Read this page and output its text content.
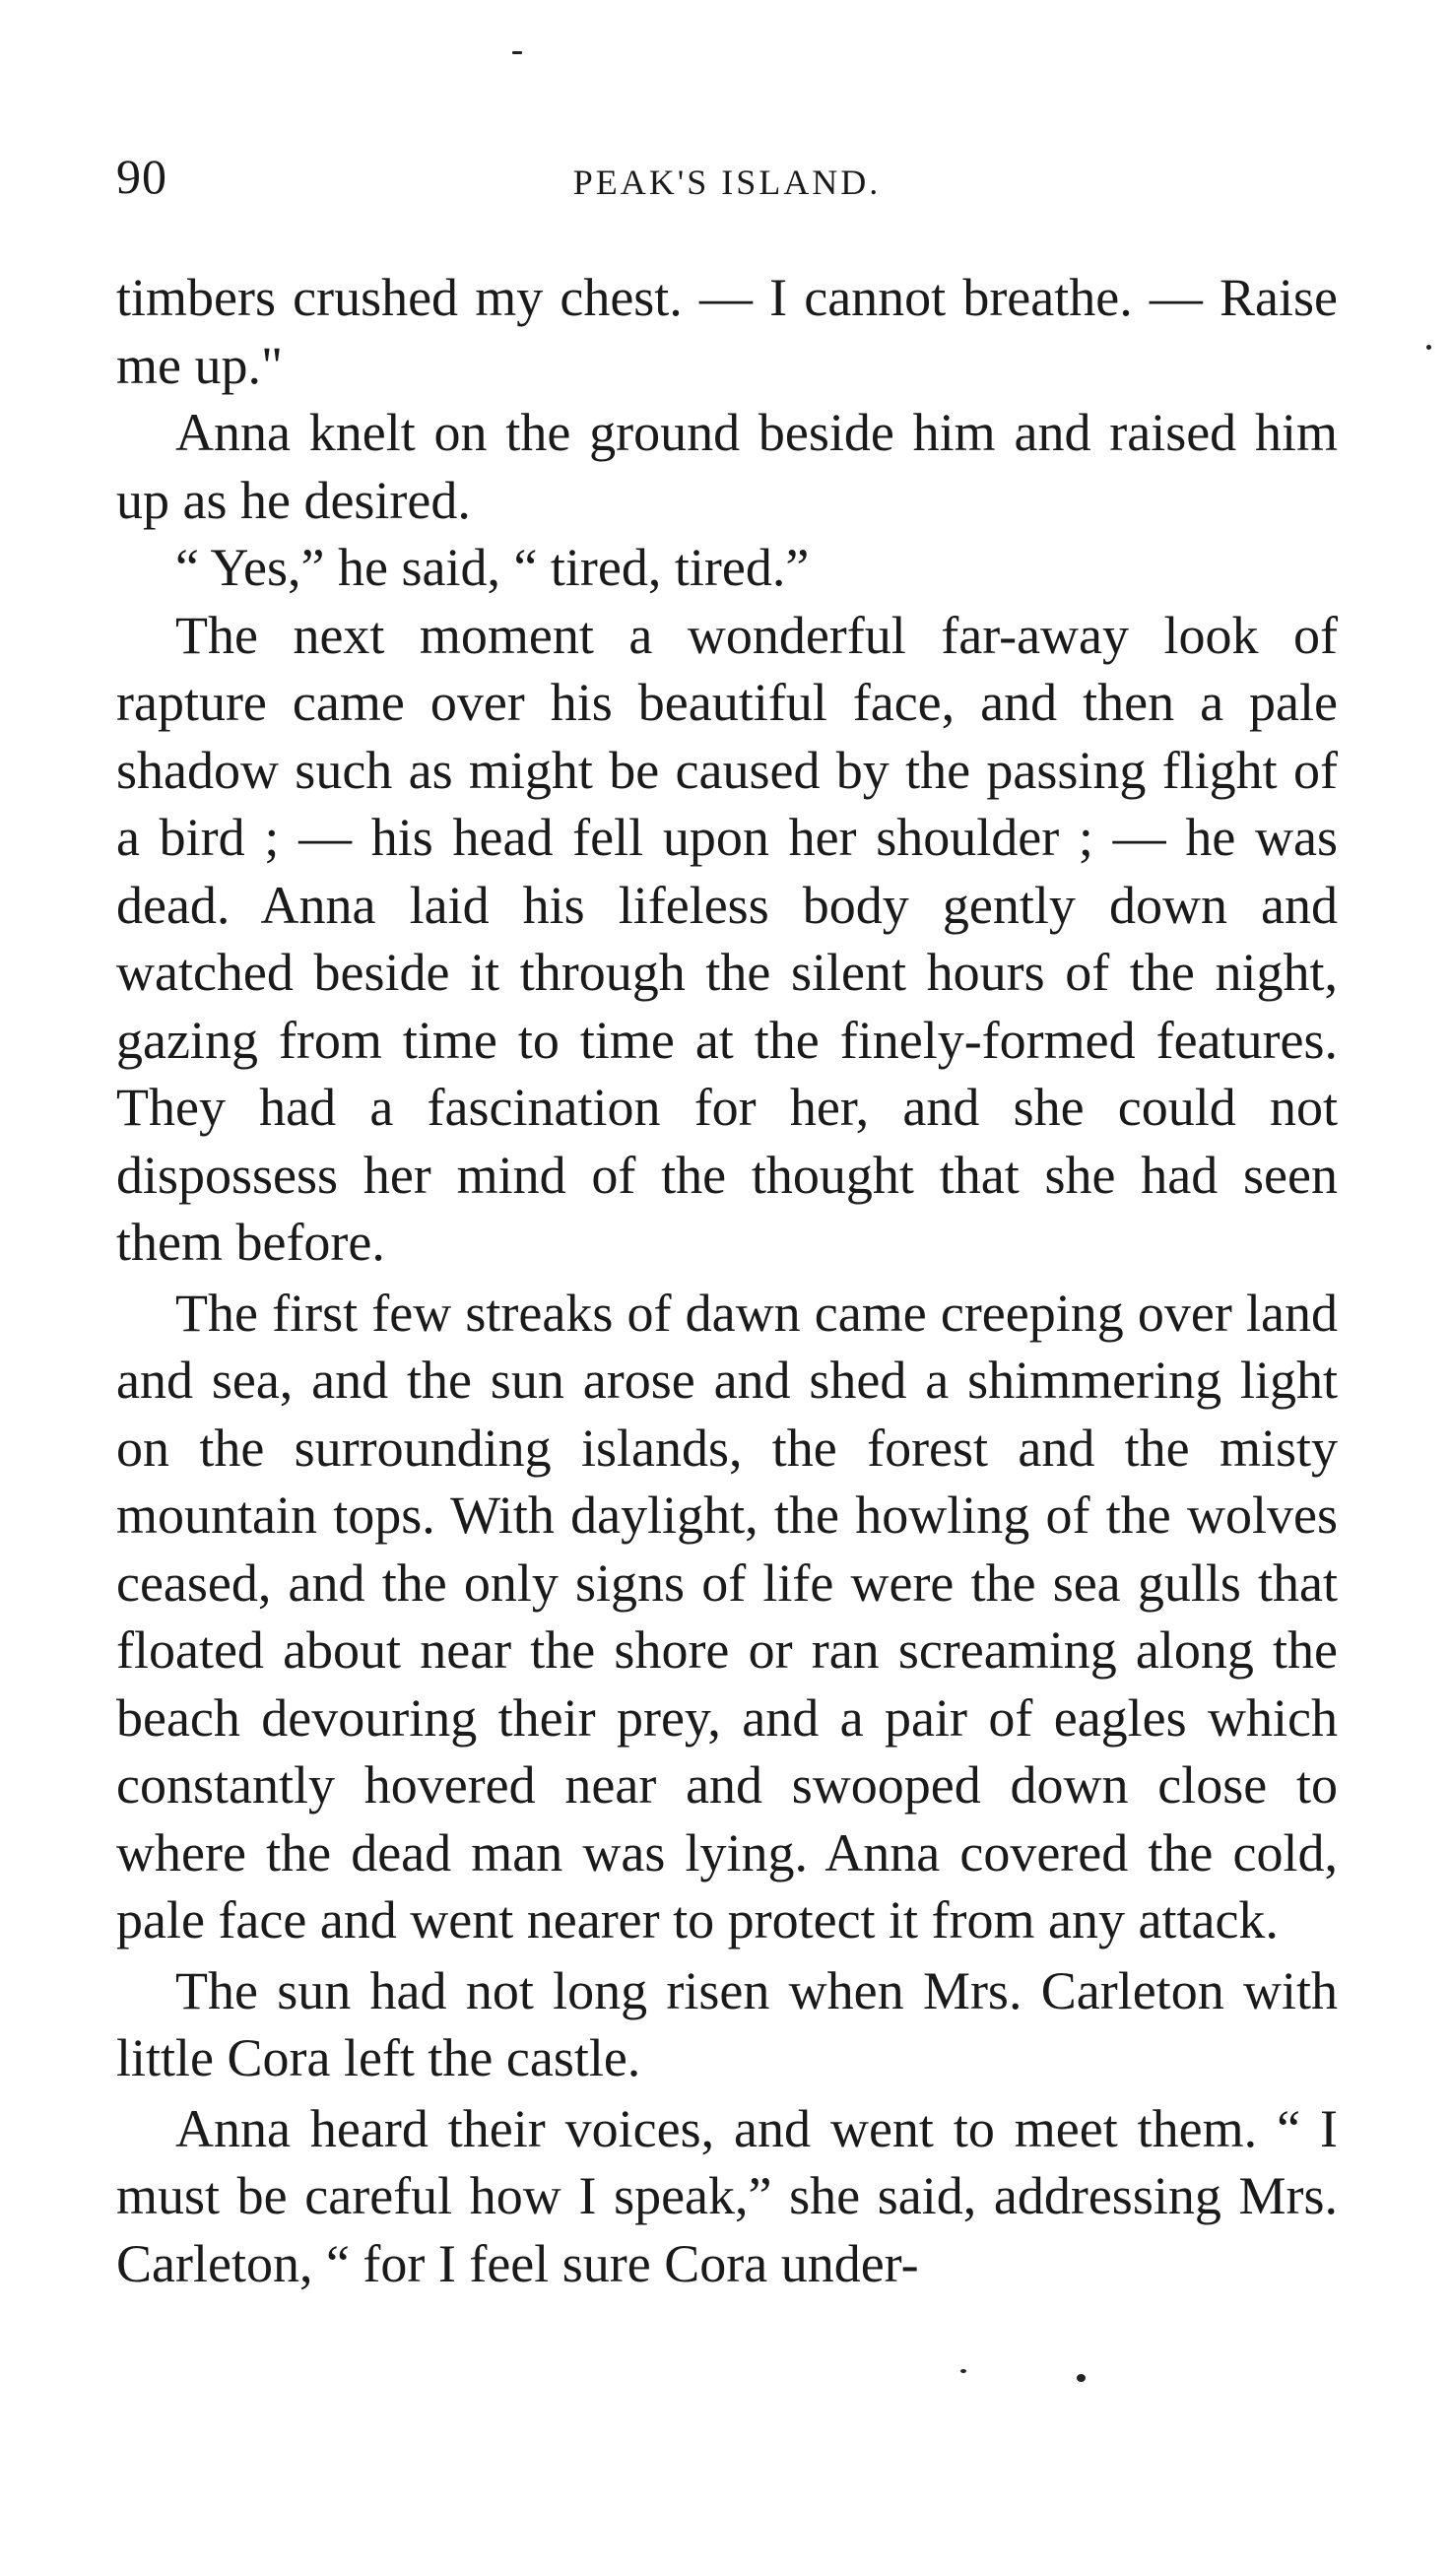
90	PEAK'S ISLAND.

timbers crushed my chest. — I cannot breathe. — Raise me up."

Anna knelt on the ground beside him and raised him up as he desired.

“ Yes,” he said, “ tired, tired.”

The next moment a wonderful far-away look of rapture came over his beautiful face, and then a pale shadow such as might be caused by the passing flight of a bird ; — his head fell upon her shoulder ; — he was dead. Anna laid his lifeless body gently down and watched beside it through the silent hours of the night, gazing from time to time at the finely-formed features. They had a fascination for her, and she could not dispossess her mind of the thought that she had seen them before.

The first few streaks of dawn came creeping over land and sea, and the sun arose and shed a shimmering light on the surrounding islands, the forest and the misty mountain tops. With daylight, the howling of the wolves ceased, and the only signs of life were the sea gulls that floated about near the shore or ran screaming along the beach devouring their prey, and a pair of eagles which constantly hovered near and swooped down close to where the dead man was lying. Anna covered the cold, pale face and went nearer to protect it from any attack.

The sun had not long risen when Mrs. Carleton with little Cora left the castle.

Anna heard their voices, and went to meet them. “ I must be careful how I speak,” she said, addressing Mrs. Carleton, “ for I feel sure Cora under-
